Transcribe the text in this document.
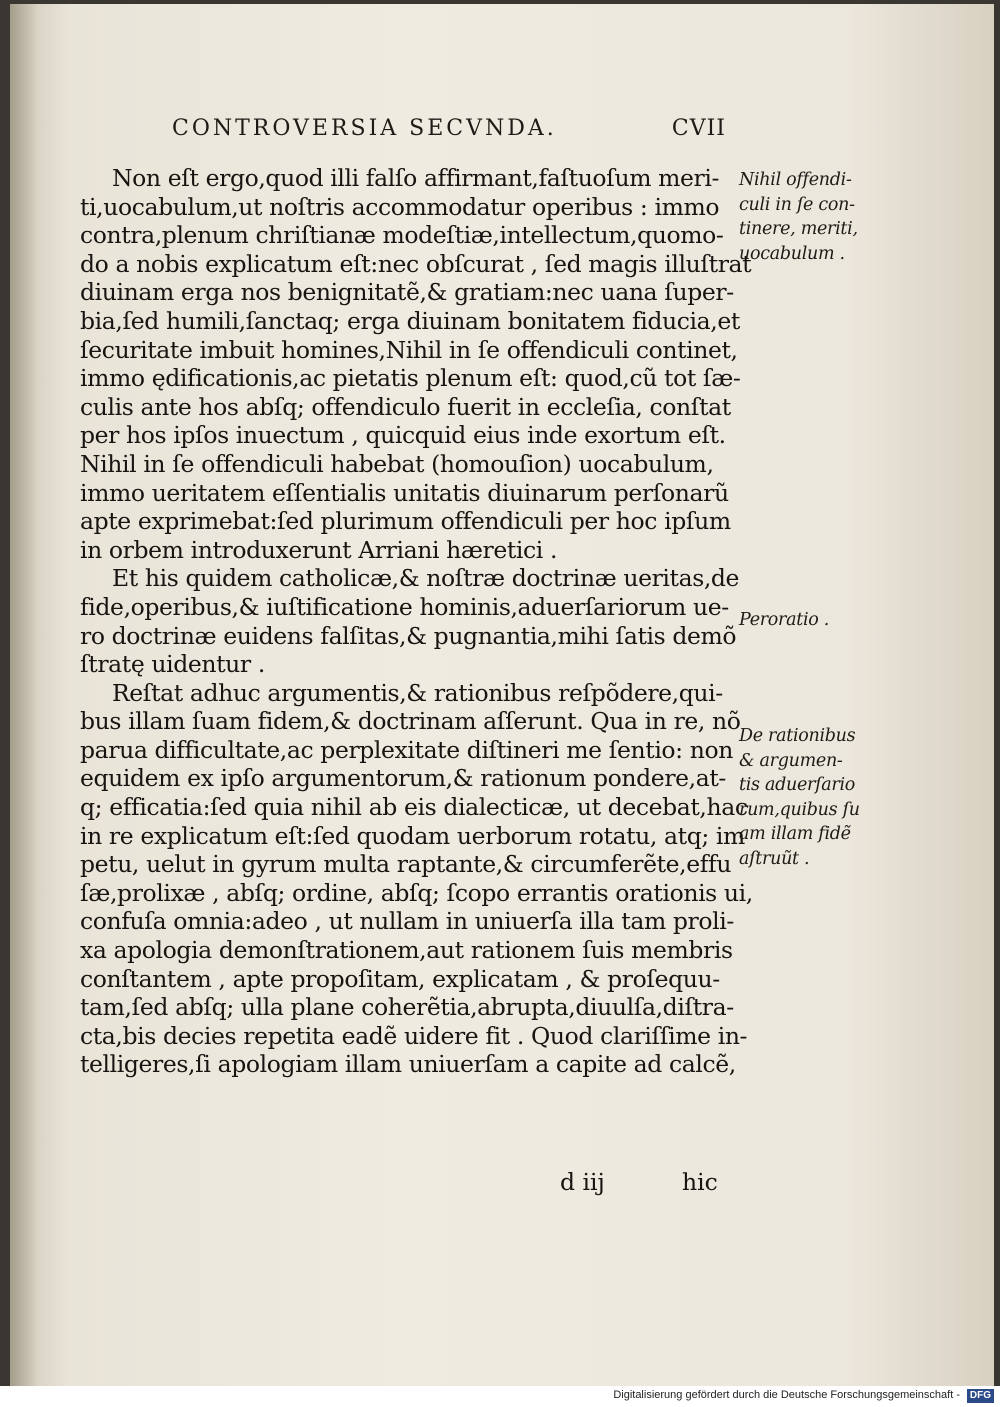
CONTROVERSIA SECVNDA.	CVII
Non eſt ergo,quod illi falſo affirmant,faſtuoſum meri-
ti,uocabulum,ut noſtris accommodatur operibus : immo
contra,plenum chriſtianæ modeſtiæ,intellectum,quomo-
do a nobis explicatum eſt:nec obſcurat , ſed magis illuſtrat
diuinam erga nos benignitatẽ,& gratiam:nec uana ſuper-
bia,ſed humili,ſanctaq; erga diuinam bonitatem fiducia,et
ſecuritate imbuit homines,Nihil in ſe offendiculi continet,
immo ędificationis,ac pietatis plenum eſt: quod,cũ tot ſæ-
culis ante hos abſq; offendiculo fuerit in eccleſia, conſtat
per hos ipſos inuectum , quicquid eius inde exortum eſt.
Nihil in ſe offendiculi habebat (homouſion) uocabulum,
immo ueritatem eſſentialis unitatis diuinarum perſonarũ
apte exprimebat:ſed plurimum offendiculi per hoc ipſum
in orbem introduxerunt Arriani hæretici .
Et his quidem catholicæ,& noſtræ doctrinæ ueritas,de
fide,operibus,& iuſtificatione hominis,aduerſariorum ue-
ro doctrinæ euidens falſitas,& pugnantia,mihi ſatis demõ
ſtratę uidentur .
Reſtat adhuc argumentis,& rationibus reſpõdere,qui-
bus illam ſuam fidem,& doctrinam aſſerunt. Qua in re, nõ
parua difficultate,ac perplexitate diſtineri me ſentio: non
equidem ex ipſo argumentorum,& rationum pondere,at-
q; efficatia:ſed quia nihil ab eis dialecticæ, ut decebat,hac
in re explicatum eſt:ſed quodam uerborum rotatu, atq; im
petu, uelut in gyrum multa raptante,& circumferẽte,effu
ſæ,prolixæ , abſq; ordine, abſq; ſcopo errantis orationis ui,
confuſa omnia:adeo , ut nullam in uniuerſa illa tam proli-
xa apologia demonſtrationem,aut rationem ſuis membris
conſtantem , apte propoſitam, explicatam , & proſequu-
tam,ſed abſq; ulla plane coherẽtia,abrupta,diuulſa,diſtra-
cta,bis decies repetita eadẽ uidere fit . Quod clariſſime in-
telligeres,ſi apologiam illam uniuerſam a capite ad calcẽ,
d iij	hic
Nihil offendi-
culi in ſe con-
tinere, meriti,
uocabulum .
Peroratio .
De rationibus
& argumen-
tis aduerſario
rum,quibus ſu
am illam fidẽ
aſtruũt .
Digitalisierung gefördert durch die Deutsche Forschungsgemeinschaft - DFG
